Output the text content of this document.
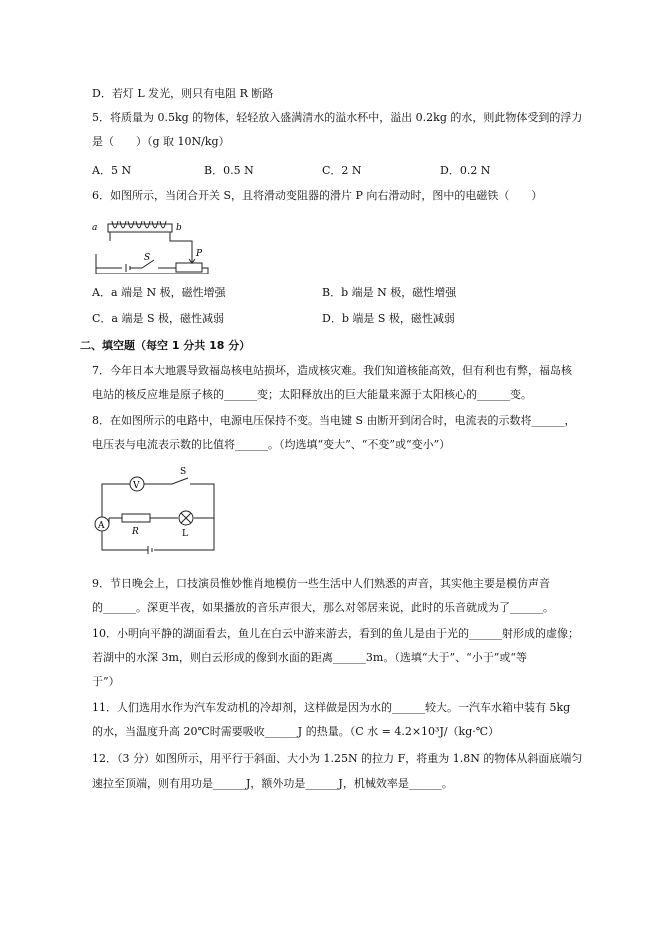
D．若灯 L 发光，则只有电阻 R 断路
5．将质量为 0.5kg 的物体，轻轻放入盛满清水的溢水杯中，溢出 0.2kg 的水，则此物体受到的浮力
是（　　）（g 取 10N/kg）
A．5 N	B．0.5 N	C．2 N	D．0.2 N
6．如图所示，当闭合开关 S，且将滑动变阻器的滑片 P 向右滑动时，图中的电磁铁（　　）
a	b
S	P
A．a 端是 N 极，磁性增强	B．b 端是 N 极，磁性增强
C．a 端是 S 极，磁性减弱	D．b 端是 S 极，磁性减弱
二、填空题（每空 1 分共 18 分）
7．今年日本大地震导致福岛核电站损坏，造成核灾难。我们知道核能高效，但有利也有弊，福岛核
电站的核反应堆是原子核的______变；太阳释放出的巨大能量来源于太阳核心的______变。
8．在如图所示的电路中，电源电压保持不变。当电键 S 由断开到闭合时，电流表的示数将______，
电压表与电流表示数的比值将______。（均选填“变大”、“不变”或“变小”）
V
A
R	L
S
9．节日晚会上，口技演员惟妙惟肖地模仿一些生活中人们熟悉的声音，其实他主要是模仿声音
的______。深更半夜，如果播放的音乐声很大，那么对邻居来说，此时的乐音就成为了______。
10．小明向平静的湖面看去，鱼儿在白云中游来游去，看到的鱼儿是由于光的______射形成的虚像；
若湖中的水深 3m，则白云形成的像到水面的距离______3m。（选填“大于”、“小于”或“等
于”）
11．人们选用水作为汽车发动机的冷却剂，这样做是因为水的______较大。一汽车水箱中装有 5kg
的水，当温度升高 20℃时需要吸收______J 的热量。（C 水 = 4.2×10³J/（kg·℃）
12．（3 分）如图所示，用平行于斜面、大小为 1.25N 的拉力 F，将重为 1.8N 的物体从斜面底端匀
速拉至顶端，则有用功是______J，额外功是______J，机械效率是______。
